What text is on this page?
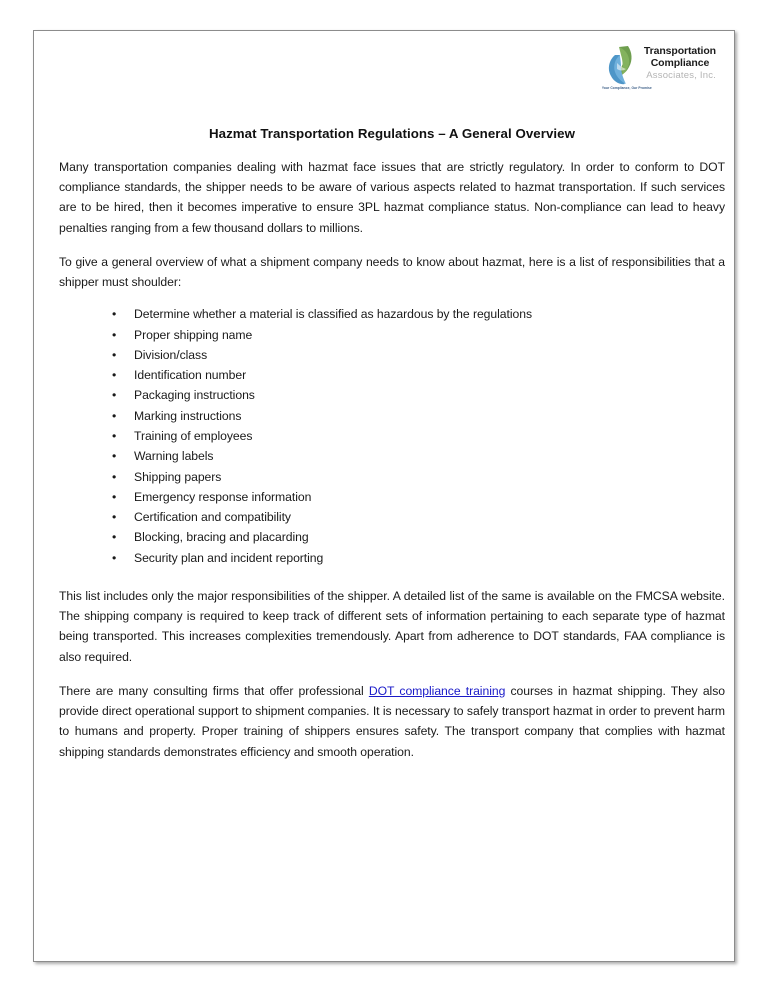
Your Compliance, Our Promise
Transportation
Compliance
Associates, Inc.
Hazmat Transportation Regulations – A General Overview

Many transportation companies dealing with hazmat face issues that are strictly regulatory. In order to conform to DOT compliance standards, the shipper needs to be aware of various aspects related to hazmat transportation. If such services are to be hired, then it becomes imperative to ensure 3PL hazmat compliance status. Non-compliance can lead to heavy penalties ranging from a few thousand dollars to millions.

To give a general overview of what a shipment company needs to know about hazmat, here is a list of responsibilities that a shipper must shoulder:

• Determine whether a material is classified as hazardous by the regulations
• Proper shipping name
• Division/class
• Identification number
• Packaging instructions
• Marking instructions
• Training of employees
• Warning labels
• Shipping papers
• Emergency response information
• Certification and compatibility
• Blocking, bracing and placarding
• Security plan and incident reporting

This list includes only the major responsibilities of the shipper. A detailed list of the same is available on the FMCSA website. The shipping company is required to keep track of different sets of information pertaining to each separate type of hazmat being transported. This increases complexities tremendously. Apart from adherence to DOT standards, FAA compliance is also required.

There are many consulting firms that offer professional DOT compliance training courses in hazmat shipping. They also provide direct operational support to shipment companies. It is necessary to safely transport hazmat in order to prevent harm to humans and property. Proper training of shippers ensures safety. The transport company that complies with hazmat shipping standards demonstrates efficiency and smooth operation.
